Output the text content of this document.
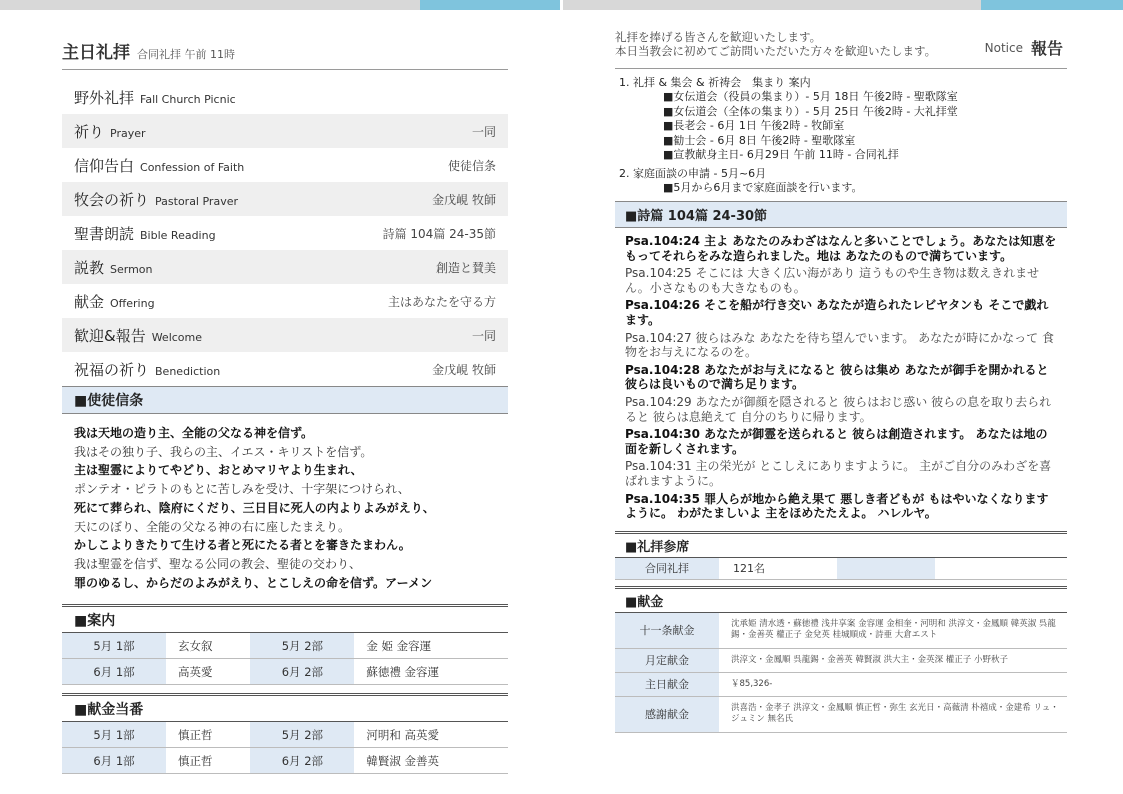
主日礼拝 合同礼拝 午前 11時
野外礼拝 Fall Church Picnic
祈り Prayer	一同
信仰告白 Confession of Faith	使徒信条
牧会の祈り Pastoral Praver	金戊峴 牧師
聖書朗読 Bible Reading	詩篇 104篇 24-35節
説教 Sermon	創造と賛美
献金 Offering	主はあなたを守る方
歓迎&報告 Welcome	一同
祝福の祈り Benediction	金戊峴 牧師
■使徒信条
我は天地の造り主、全能の父なる神を信ず。
我はその独り子、我らの主、イエス・キリストを信ず。
主は聖霊によりてやどり、おとめマリヤより生まれ、
ポンテオ・ピラトのもとに苦しみを受け、十字架につけられ、
死にて葬られ、陰府にくだり、三日目に死人の内よりよみがえり、
天にのぼり、全能の父なる神の右に座したまえり。
かしこよりきたりて生ける者と死にたる者とを審きたまわん。
我は聖霊を信ず、聖なる公同の教会、聖徒の交わり、
罪のゆるし、からだのよみがえり、とこしえの命を信ず。アーメン
■案内
5月 1部	玄女叙	5月 2部	金 姫 金容運
6月 1部	高英愛	6月 2部	蘇徳禮 金容運
■献金当番
5月 1部	慎正哲	5月 2部	河明和 高英愛
6月 1部	慎正哲	6月 2部	韓賢淑 金善英
礼拝を捧げる皆さんを歓迎いたします。
本日当教会に初めてご訪問いただいた方々を歓迎いたします。	Notice 報告
1. 礼拝 & 集会 & 祈祷会　集まり 案内
■女伝道会（役員の集まり）- 5月 18日 午後2時 - 聖歌隊室
■女伝道会（全体の集まり）- 5月 25日 午後2時 - 大礼拝堂
■長老会 - 6月 1日 午後2時 - 牧師室
■勧士会 - 6月 8日 午後2時 - 聖歌隊室
■宣教献身主日- 6月29日 午前 11時 - 合同礼拝
2. 家庭面談の申請 - 5月~6月
■5月から6月まで家庭面談を行います。
■詩篇 104篇 24-30節
Psa.104:24 主よ あなたのみわざはなんと多いことでしょう。あなたは知恵をもってそれらをみな造られました。地は あなたのもので満ちています。
Psa.104:25 そこには 大きく広い海があり 這うものや生き物は数えきれません。小さなものも大きなものも。
Psa.104:26 そこを船が行き交い あなたが造られたレビヤタンも そこで戯れます。
Psa.104:27 彼らはみな あなたを待ち望んでいます。 あなたが時にかなって 食物をお与えになるのを。
Psa.104:28 あなたがお与えになると 彼らは集め あなたが御手を開かれると 彼らは良いもので満ち足ります。
Psa.104:29 あなたが御顔を隠されると 彼らはおじ惑い 彼らの息を取り去られると 彼らは息絶えて 自分のちりに帰ります。
Psa.104:30 あなたが御霊を送られると 彼らは創造されます。 あなたは地の面を新しくされます。
Psa.104:31 主の栄光が とこしえにありますように。 主がご自分のみわざを喜ばれますように。
Psa.104:35 罪人らが地から絶え果て 悪しき者どもが もはやいなくなりますように。 わがたましいよ 主をほめたたえよ。 ハレルヤ。
■礼拝参席
合同礼拝	121名		
■献金
十一条献金	沈承姫 清水透・蘇徳禮 浅井享案 金容運 金相奎・河明和 洪淳文・金鳳順 韓英淑 呉龍錫・金善英 權正子 金兌英 桂城順成・詩亜 大倉エスト
月定献金	洪淳文・金鳳順 呉龍錫・金善英 韓賢淑 洪大主・金英深 權正子 小野秋子
主日献金	￥85,326-
感謝献金	洪喜浩・金孝子 洪淳文・金鳳順 慎正哲・弥生 玄光日・高薇清 朴禧成・金建希 リュ・ジュミン 無名氏
